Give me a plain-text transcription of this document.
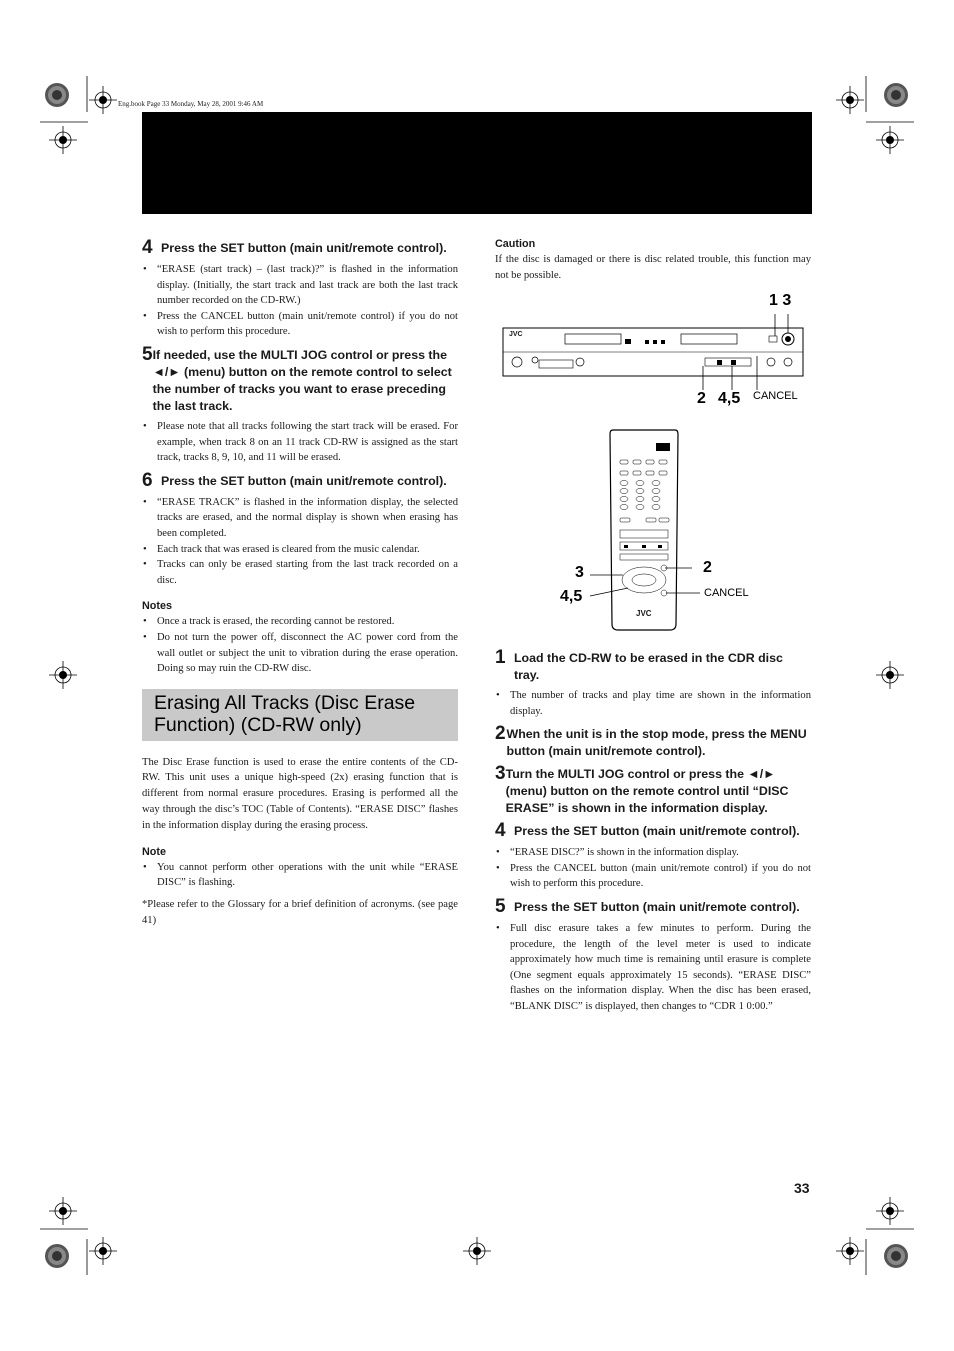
Eng.book Page 33 Monday, May 28, 2001 9:46 AM
4 Press the SET button (main unit/remote control).
• “ERASE (start track) – (last track)?” is flashed in the information display. (Initially, the start track and last track are both the last track number recorded on the CD-RW.)
• Press the CANCEL button (main unit/remote control) if you do not wish to perform this procedure.
5 If needed, use the MULTI JOG control or press the ◄/► (menu) button on the remote control to select the number of tracks you want to erase preceding the last track.
• Please note that all tracks following the start track will be erased. For example, when track 8 on an 11 track CD-RW is assigned as the start track, tracks 8, 9, 10, and 11 will be erased.
6 Press the SET button (main unit/remote control).
• “ERASE TRACK” is flashed in the information display, the selected tracks are erased, and the normal display is shown when erasing has been completed.
• Each track that was erased is cleared from the music calendar.
• Tracks can only be erased starting from the last track recorded on a disc.
Notes
• Once a track is erased, the recording cannot be restored.
• Do not turn the power off, disconnect the AC power cord from the wall outlet or subject the unit to vibration during the erase operation. Doing so may ruin the CD-RW disc.
Erasing All Tracks (Disc Erase
Function) (CD-RW only)

The Disc Erase function is used to erase the entire contents of the CD-RW. This unit uses a unique high-speed (2x) erasing function that is different from normal erasure procedures. Erasing is performed all the way through the disc’s TOC (Table of Contents). “ERASE DISC” flashes in the information display during the erasing process.

Note
• You cannot perform other operations with the unit while “ERASE DISC” is flashing.

*Please refer to the Glossary for a brief definition of acronyms. (see page 41)

Caution

If the disc is damaged or there is disc related trouble, this function may not be possible.

JVC
1 3
2 4,5 CANCEL
JVC
3
4,5
2
CANCEL
1 Load the CD-RW to be erased in the CDR disc tray.
• The number of tracks and play time are shown in the information display.
2 When the unit is in the stop mode, press the MENU button (main unit/remote control).
3 Turn the MULTI JOG control or press the ◄/► (menu) button on the remote control until “DISC ERASE” is shown in the information display.
4 Press the SET button (main unit/remote control).
• “ERASE DISC?” is shown in the information display.
• Press the CANCEL button (main unit/remote control) if you do not wish to perform this procedure.
5 Press the SET button (main unit/remote control).
• Full disc erasure takes a few minutes to perform. During the procedure, the length of the level meter is used to indicate approximately how much time is remaining until erasure is complete (One segment equals approximately 15 seconds). “ERASE DISC” flashes on the information display. When the disc has been erased, “BLANK DISC” is displayed, then changes to “CDR 1 0:00.”
33
